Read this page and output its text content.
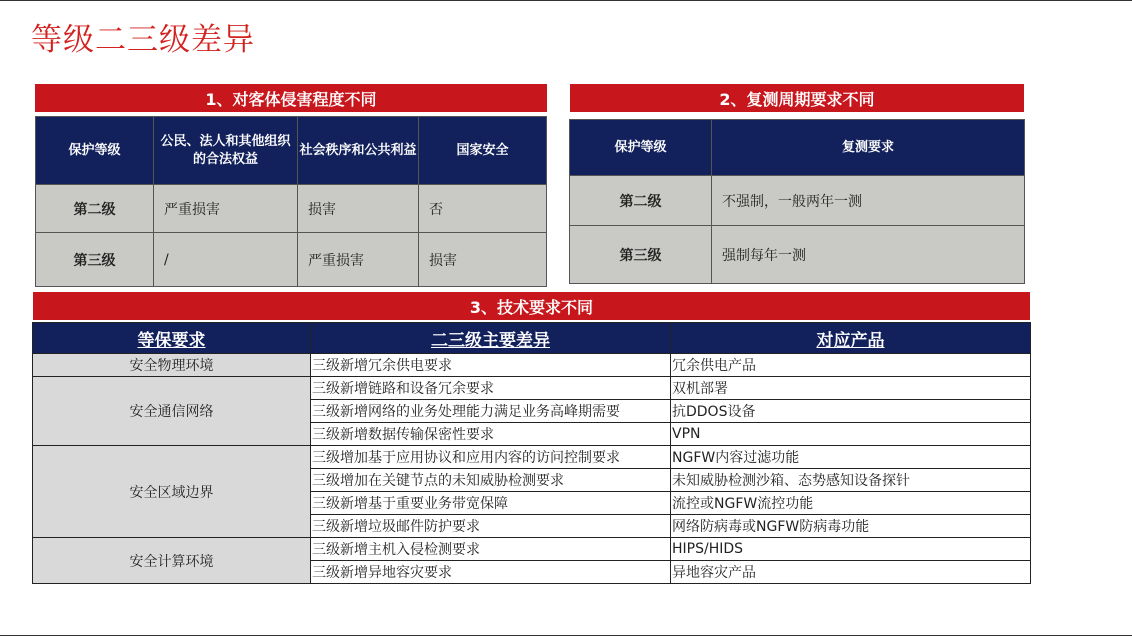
等级二三级差异
1、对客体侵害程度不同
保护等级	公民、法人和其他组织的合法权益	社会秩序和公共利益	国家安全
第二级	严重损害	损害	否
第三级	/	严重损害	损害
2、复测周期要求不同
保护等级	复测要求
第二级	不强制，一般两年一测
第三级	强制每年一测
3、技术要求不同
等保要求	二三级主要差异	对应产品
安全物理环境	三级新增冗余供电要求	冗余供电产品
安全通信网络	三级新增链路和设备冗余要求	双机部署
	三级新增网络的业务处理能力满足业务高峰期需要	抗DDOS设备
	三级新增数据传输保密性要求	VPN
安全区域边界	三级增加基于应用协议和应用内容的访问控制要求	NGFW内容过滤功能
	三级增加在关键节点的未知威胁检测要求	未知威胁检测沙箱、态势感知设备探针
	三级新增基于重要业务带宽保障	流控或NGFW流控功能
	三级新增垃圾邮件防护要求	网络防病毒或NGFW防病毒功能
安全计算环境	三级新增主机入侵检测要求	HIPS/HIDS
	三级新增异地容灾要求	异地容灾产品
